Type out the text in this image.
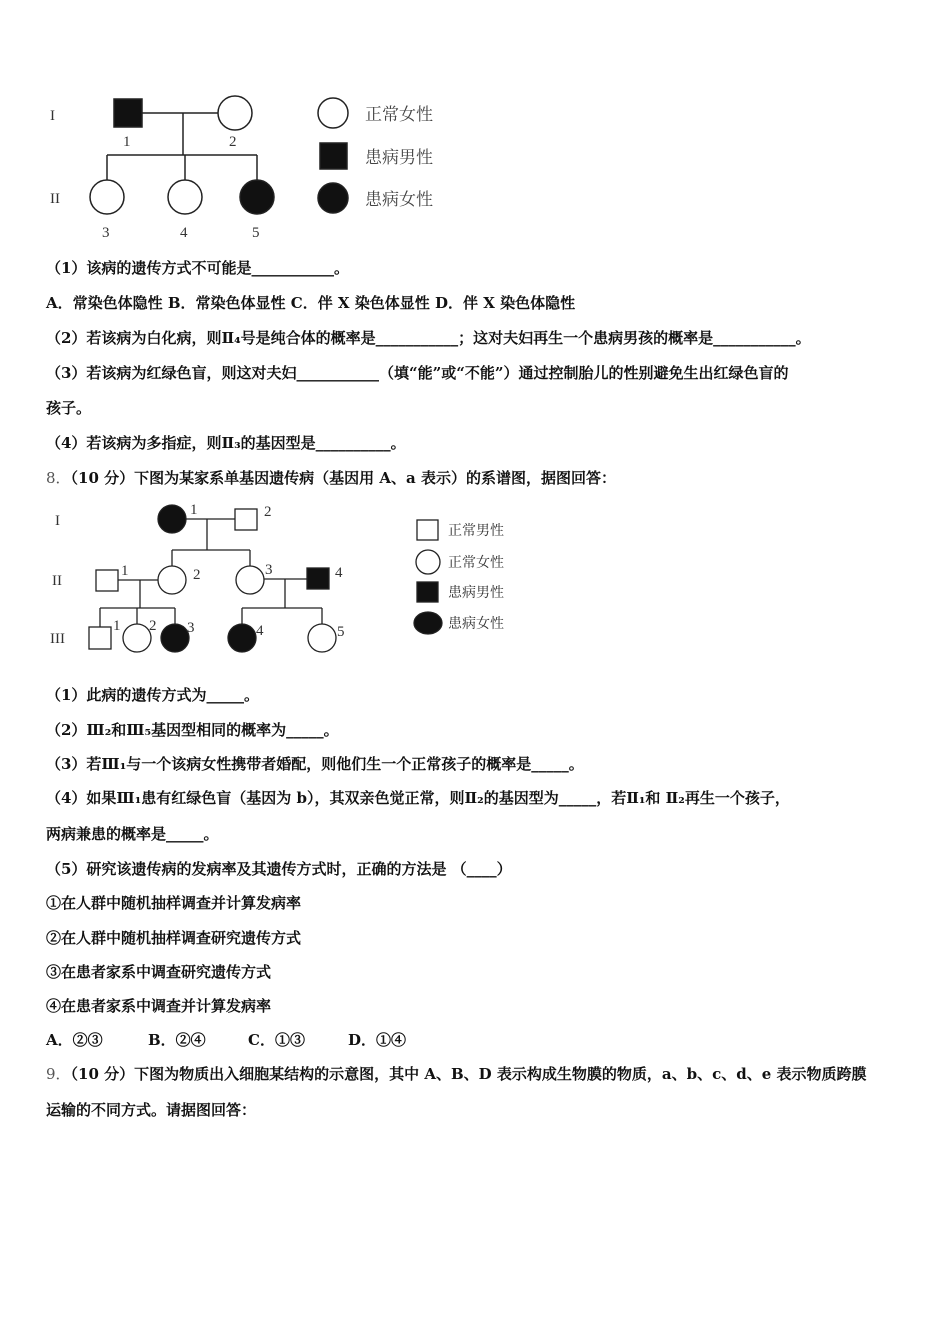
I
II
1	2
3	4	5
正常女性
患病男性
患病女性
I
II
III
1	2
1	2	3	4
1 2 3	4	5
正常男性
正常女性
患病男性
患病女性
（1）该病的遗传方式不可能是___________。
A．常染色体隐性 B．常染色体显性 C．伴 X 染色体显性 D．伴 X 染色体隐性
（2）若该病为白化病，则Ⅱ₄号是纯合体的概率是___________；这对夫妇再生一个患病男孩的概率是___________。
（3）若该病为红绿色盲，则这对夫妇___________（填“能”或“不能”）通过控制胎儿的性别避免生出红绿色盲的
孩子。
（4）若该病为多指症，则Ⅱ₃的基因型是__________。
8．（10 分）下图为某家系单基因遗传病（基因用 A、a 表示）的系谱图，据图回答：
（1）此病的遗传方式为_____。
（2）Ⅲ₂和Ⅲ₅基因型相同的概率为_____。
（3）若Ⅲ₁与一个该病女性携带者婚配，则他们生一个正常孩子的概率是_____。
（4）如果Ⅲ₁患有红绿色盲（基因为 b），其双亲色觉正常，则Ⅱ₂的基因型为_____，若Ⅱ₁和 Ⅱ₂再生一个孩子，
两病兼患的概率是_____。
（5）研究该遗传病的发病率及其遗传方式时，正确的方法是 （____）
①在人群中随机抽样调查并计算发病率
②在人群中随机抽样调查研究遗传方式
③在患者家系中调查研究遗传方式
④在患者家系中调查并计算发病率
A．②③	B．②④	C．①③	D．①④
9．（10 分）下图为物质出入细胞某结构的示意图，其中 A、B、D 表示构成生物膜的物质，a、b、c、d、e 表示物质跨膜
运输的不同方式。请据图回答：
